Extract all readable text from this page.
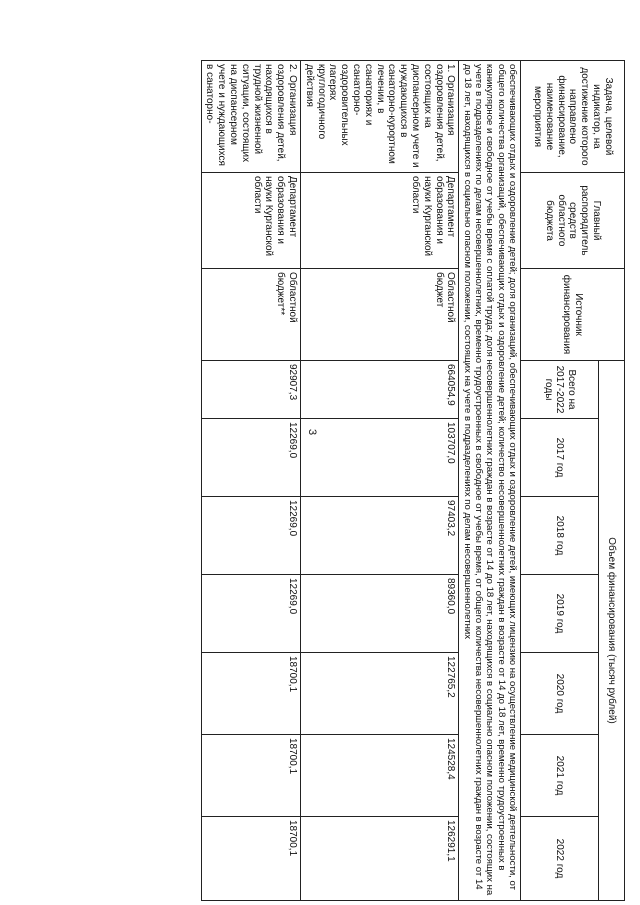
3
Задача, целевой индикатор, на достижение которого направлено финансирование, наименование мероприятия	Главный распорядитель средств областного бюджета	Источник финансирования	Объем финансирования (тысяч рублей)						
			Всего на 2017-2022 годы	2017 год	2018 год	2019 год	2020 год	2021 год	2022 год
обеспечивающих отдых и оздоровление детей; доля организаций, обеспечивающих отдых и оздоровление детей, имеющих лицензию на осуществление медицинской деятельности, от общего количества организаций, обеспечивающих отдых и оздоровление детей; количество несовершеннолетних граждан в возрасте от 14 до 18 лет, временно трудоустроенных в каникулярное и свободное от учебы время с оплатой труда; доля несовершеннолетних граждан в возрасте от 14 до 18 лет, находящихся в социально опасном положении, состоящих на учете в подразделениях по делам несовершеннолетних, временно трудоустроенных в свободное от учебы время, от общего количества несовершеннолетних граждан в возрасте от 14 до 18 лет, находящихся в социально опасном положении, состоящих на учете в подразделениях по делам несовершеннолетних									
1. Организация оздоровления детей, состоящих на диспансерном учете и нуждающихся в санаторно-курортном лечении, в санаториях и санаторно-оздоровительных лагерях круглогодичного действия	Департамент образования и науки Курганской области	Областной бюджет	664054,9	103707,0	97403,2	89360,0	122765,2	124528,4	126291,1
2. Организация оздоровления детей, находящихся в трудной жизненной ситуации, состоящих на диспансерном учете и нуждающихся в санаторно-	Департамент образования и науки Курганской области	Областной бюджет**	92907,3	12269,0	12269,0	12269,0	18700,1	18700,1	18700,1
